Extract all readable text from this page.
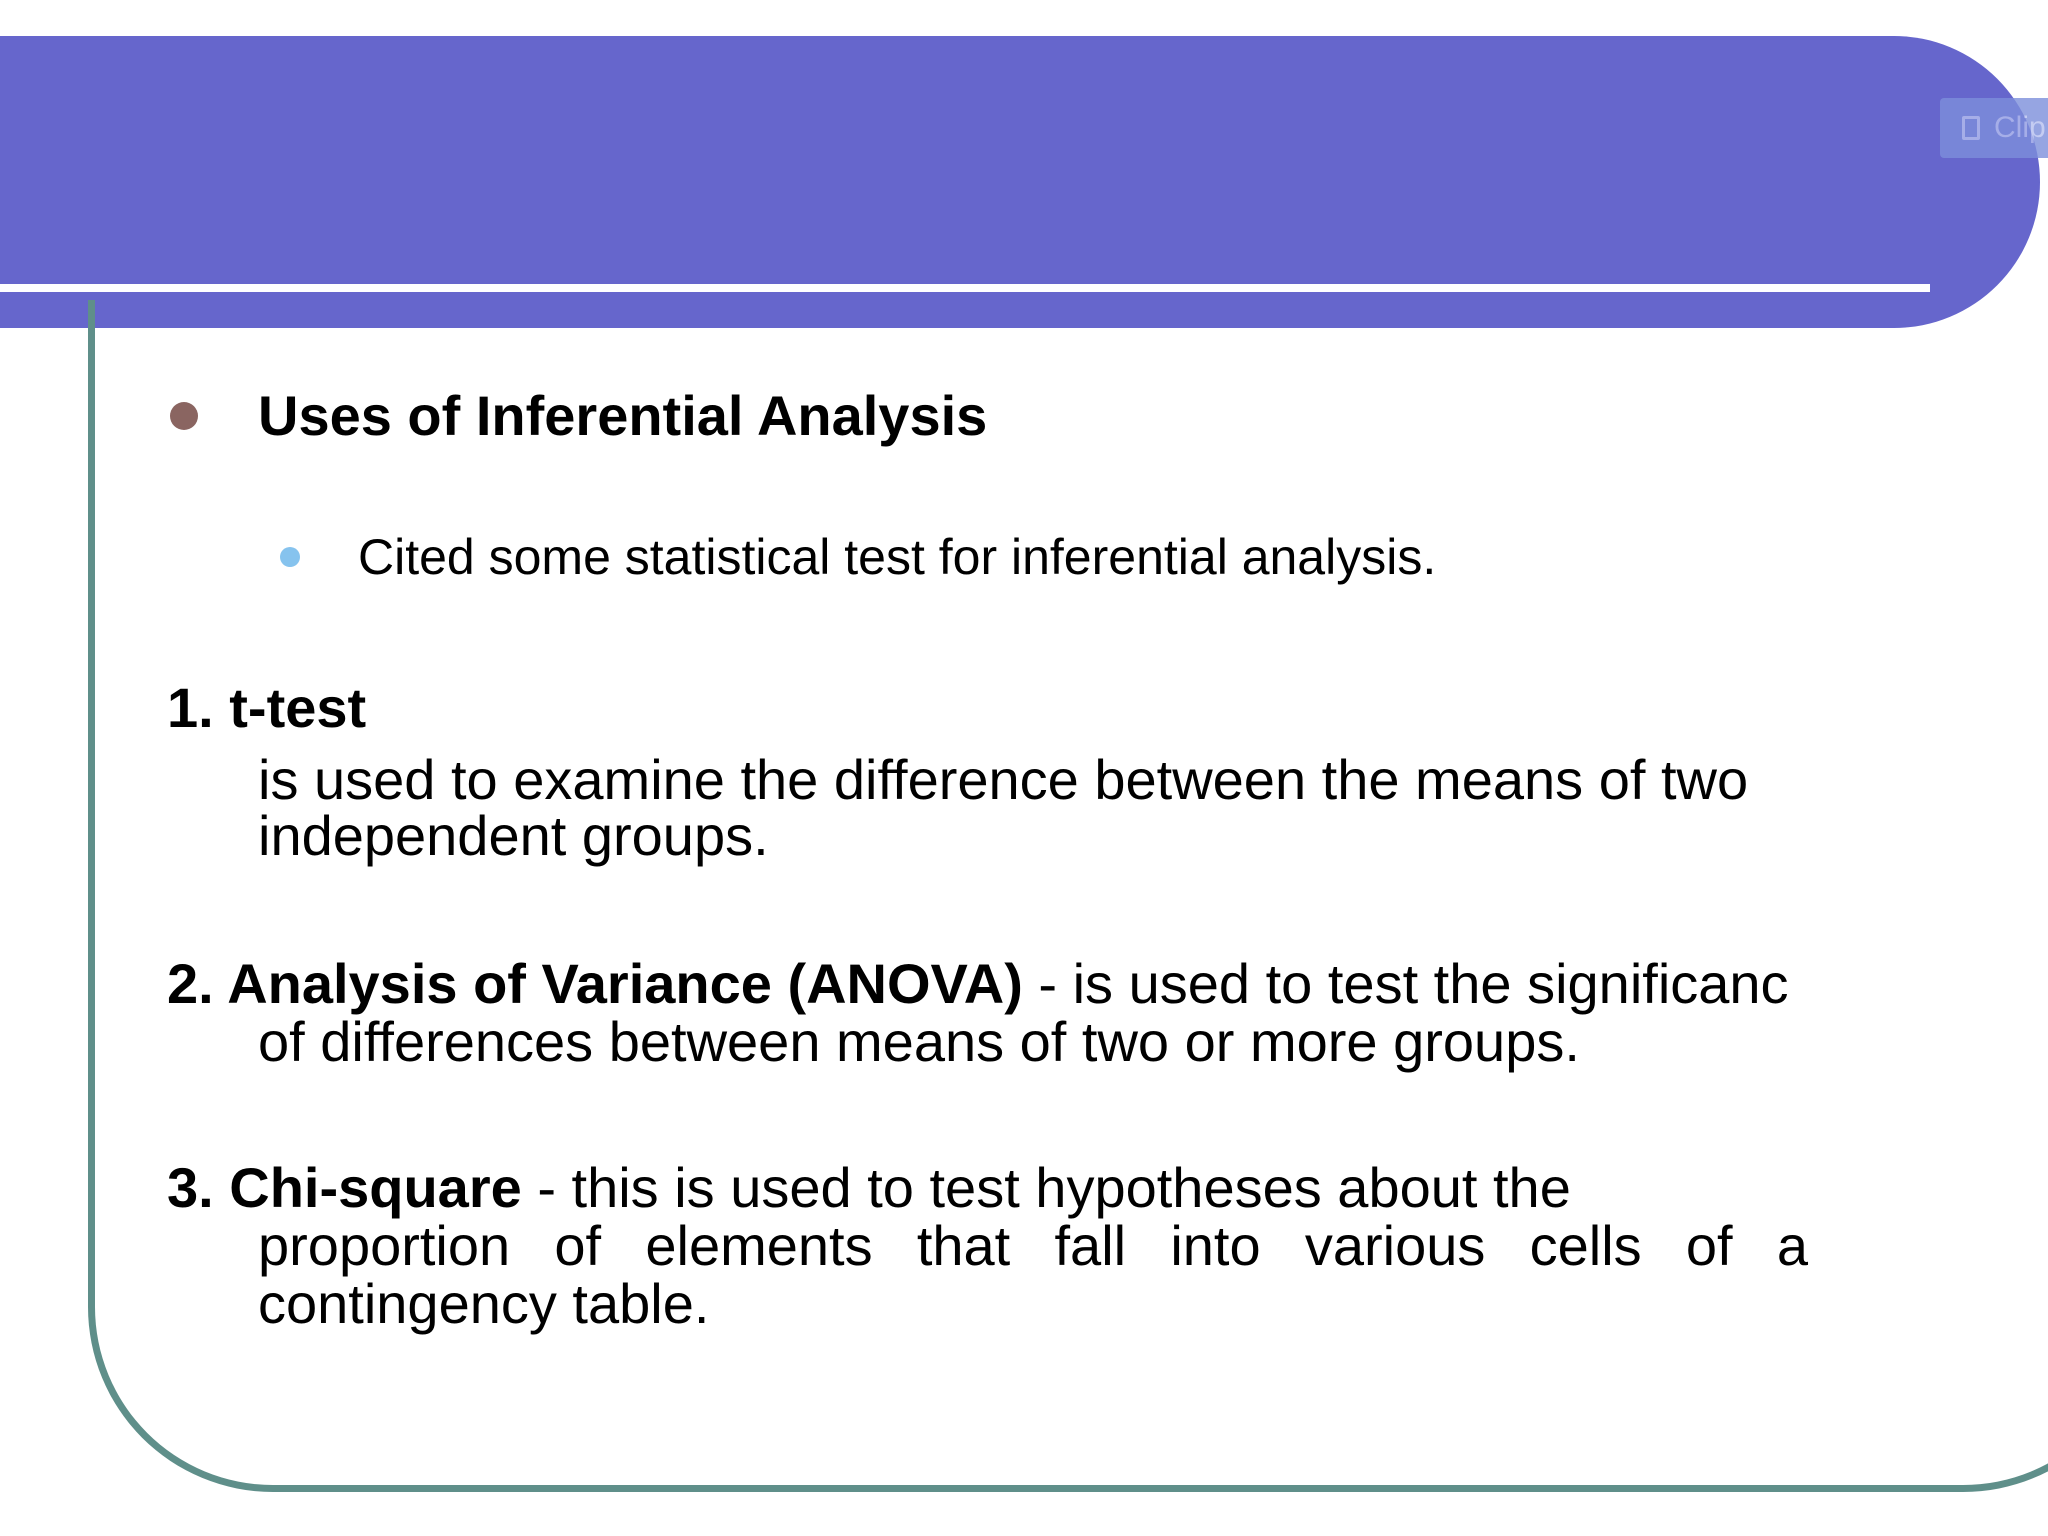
Clip
Uses of Inferential Analysis
Cited some statistical test for inferential analysis.
1. t-test
is used to examine the difference between the means of two
independent groups.
2. Analysis of Variance (ANOVA) - is used to test the significanc
of differences between means of two or more groups.
3. Chi-square - this is used to test hypotheses about the
proportion of elements that fall into various cells of a
contingency table.
